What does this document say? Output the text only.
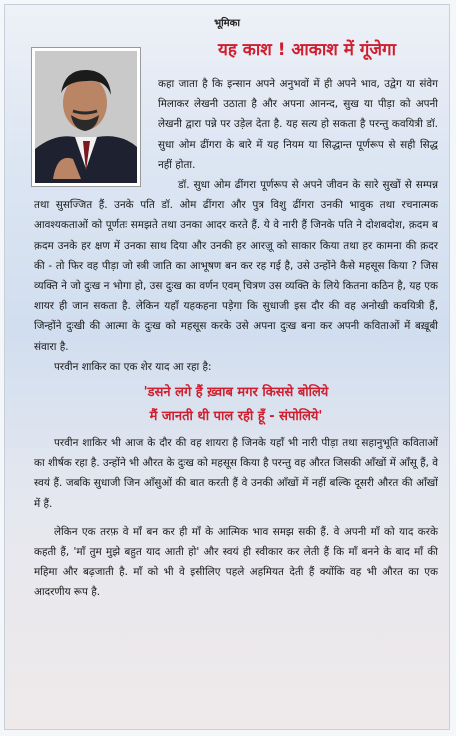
भूमिका
यह काश ! आकाश में गूंजेगा

कहा जाता है कि इन्सान अपने अनुभवों में ही अपने भाव, उद्वेग या संवेग मिलाकर लेखनी उठाता है और अपना आनन्द, सुख या पीड़ा को अपनी लेखनी द्वारा पन्ने पर उड़ेल देता है. यह सत्य हो सकता है परन्तु कवयित्री डॉ. सुधा ओम ढींगरा के बारे में यह नियम या सिद्धान्त पूर्णरूप से सही सिद्ध नहीं होता.

डॉ. सुधा ओम ढींगरा पूर्णरूप से अपने जीवन के सारे सुखों से सम्पन्न तथा सुसज्जित हैं. उनके पति डॉ. ओम ढींगरा और पुत्र विशु ढींगरा उनकी भावुक तथा रचनात्मक आवश्यकताओं को पूर्णतः समझते तथा उनका आदर करते हैं. ये वे नारी हैं जिनके पति ने दोशबदोश, क़दम ब क़दम उनके हर क्षण में उनका साथ दिया और उनकी हर आरज़ू को साकार किया तथा हर कामना की क़दर की - तो फिर वह पीड़ा जो स्त्री जाति का आभूषण बन कर रह गई है, उसे उन्होंने कैसे महसूस किया ? जिस व्यक्ति ने जो दुःख न भोगा हो, उस दुःख का वर्णन एवम् चित्रण उस व्यक्ति के लिये कितना कठिन है, यह एक शायर ही जान सकता है. लेकिन यहाँ यहकहना पड़ेगा कि सुधाजी इस दौर की वह अनोखी कवयित्री हैं, जिन्होंने दुःखी की आत्मा के दुःख को महसूस करके उसे अपना दुःख बना कर अपनी कविताओं में बख़ूबी संवारा है.

परवीन शाकिर का एक शेर याद आ रहा है:

'डसने लगे हैं ख़्वाब मगर किससे बोलिये
मैं जानती थी पाल रही हूँ - संपोलिये'

परवीन शाकिर भी आज के दौर की वह शायरा है जिनके यहाँ भी नारी पीड़ा तथा सहानुभूति कविताओं का शीर्षक रहा है. उन्होंने भी औरत के दुःख को महसूस किया है परन्तु वह औरत जिसकी आँखों में आँसू हैं, वे स्वयं हैं. जबकि सुधाजी जिन आँसुओं की बात करती हैं वे उनकी आँखों में नहीं बल्कि दूसरी औरत की आँखों में हैं.

लेकिन एक तरफ़ वे माँ बन कर ही माँ के आत्मिक भाव समझ सकी हैं. वे अपनी माँ को याद करके कहती हैं, 'माँ तुम मुझे बहुत याद आती हो' और स्वयं ही स्वीकार कर लेती हैं कि माँ बनने के बाद माँ की महिमा और बढ़जाती है. माँ को भी वे इसीलिए पहले अहमियत देती हैं क्योंकि वह भी औरत का एक आदरणीय रूप है.
